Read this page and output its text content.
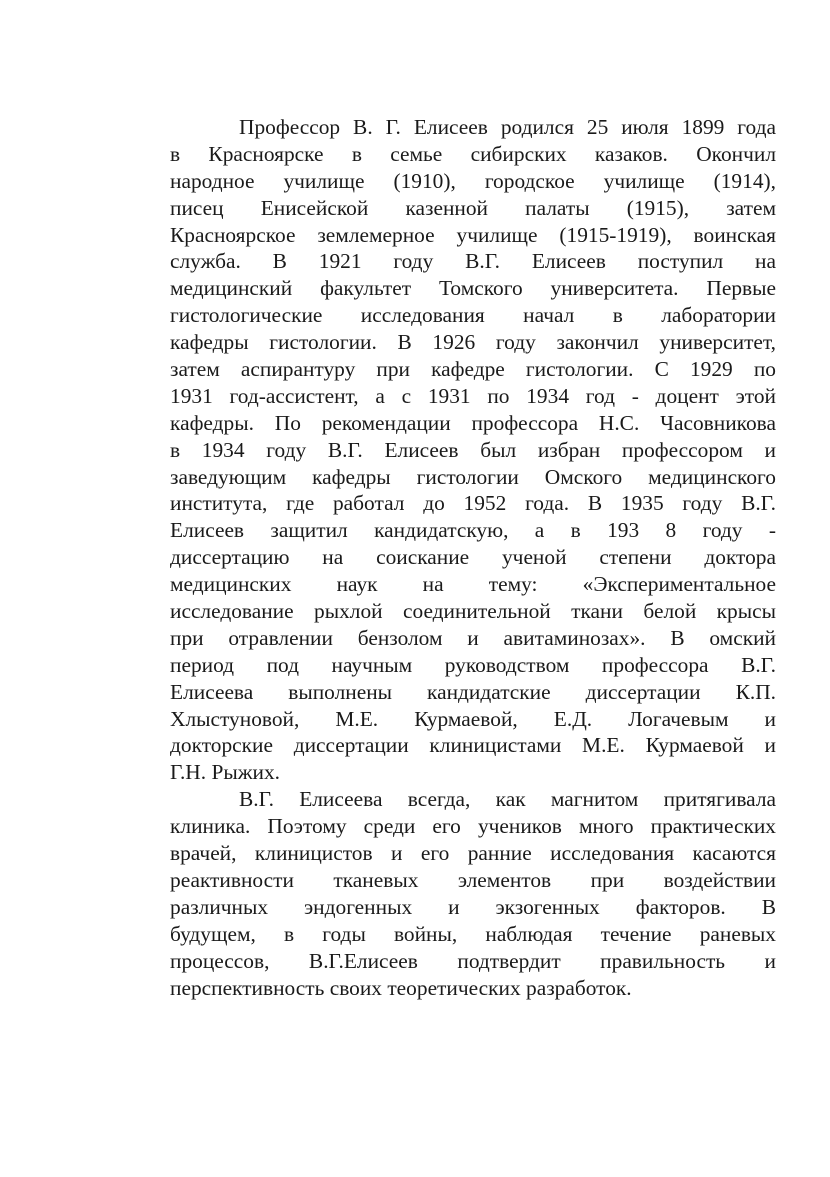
Профессор В. Г. Елисеев родился 25 июля 1899 года
в Красноярске в семье сибирских казаков. Окончил
народное училище (1910), городское училище (1914),
писец Енисейской казенной палаты (1915), затем
Красноярское землемерное училище (1915-1919), воинская
служба. В 1921 году В.Г. Елисеев поступил на
медицинский факультет Томского университета. Первые
гистологические исследования начал в лаборатории
кафедры гистологии. В 1926 году закончил университет,
затем аспирантуру при кафедре гистологии. С 1929 по
1931 год-ассистент, а с 1931 по 1934 год - доцент этой
кафедры. По рекомендации профессора Н.С. Часовникова
в 1934 году В.Г. Елисеев был избран профессором и
заведующим кафедры гистологии Омского медицинского
института, где работал до 1952 года. В 1935 году В.Г.
Елисеев защитил кандидатскую, а в 193 8 году -
диссертацию на соискание ученой степени доктора
медицинских наук на тему: «Экспериментальное
исследование рыхлой соединительной ткани белой крысы
при отравлении бензолом и авитаминозах». В омский
период под научным руководством профессора В.Г.
Елисеева выполнены кандидатские диссертации К.П.
Хлыстуновой, М.Е. Курмаевой, Е.Д. Логачевым и
докторские диссертации клиницистами М.Е. Курмаевой и
Г.Н. Рыжих.
В.Г. Елисеева всегда, как магнитом притягивала
клиника. Поэтому среди его учеников много практических
врачей, клиницистов и его ранние исследования касаются
реактивности тканевых элементов при воздействии
различных эндогенных и экзогенных факторов. В
будущем, в годы войны, наблюдая течение раневых
процессов, В.Г.Елисеев подтвердит правильность и
перспективность своих теоретических разработок.
